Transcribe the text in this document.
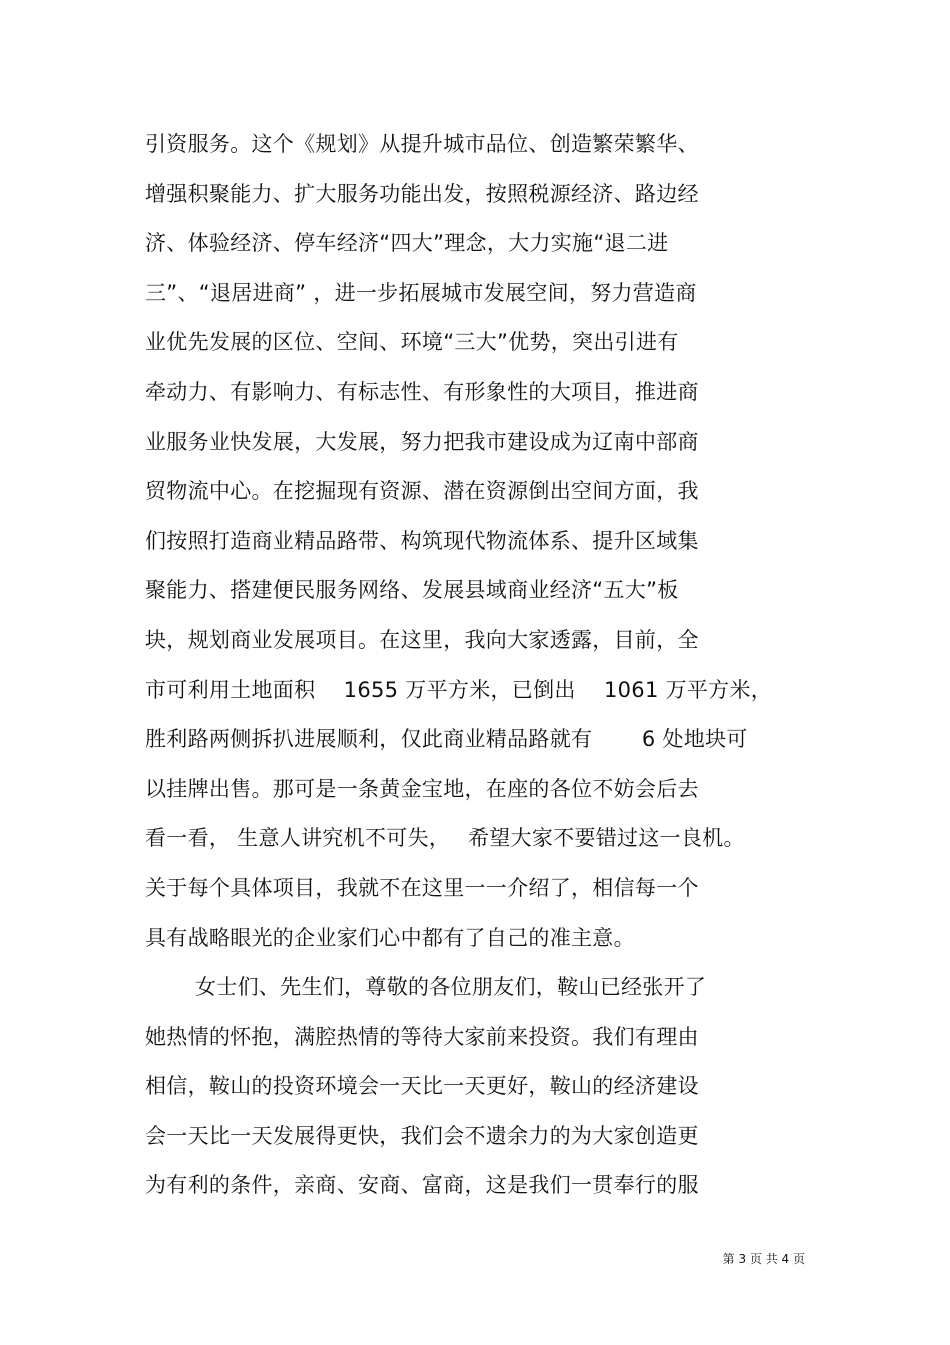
引资服务。这个《规划》从提升城市品位、创造繁荣繁华、
增强积聚能力、扩大服务功能出发，按照税源经济、路边经
济、体验经济、停车经济“四大”理念，大力实施“退二进
三”、“退居进商” ，进一步拓展城市发展空间，努力营造商
业优先发展的区位、空间、环境“三大”优势，突出引进有
牵动力、有影响力、有标志性、有形象性的大项目，推进商
业服务业快发展，大发展，努力把我市建设成为辽南中部商
贸物流中心。在挖掘现有资源、潜在资源倒出空间方面，我
们按照打造商业精品路带、构筑现代物流体系、提升区域集
聚能力、搭建便民服务网络、发展县域商业经济“五大”板
块，规划商业发展项目。在这里，我向大家透露，目前，全
市可利用土地面积　 1655 万平方米，已倒出　 1061 万平方米，
胜利路两侧拆扒进展顺利，仅此商业精品路就有　　 6 处地块可
以挂牌出售。那可是一条黄金宝地，在座的各位不妨会后去
看一看， 生意人讲究机不可失，　 希望大家不要错过这一良机。
关于每个具体项目，我就不在这里一一介绍了，相信每一个
具有战略眼光的企业家们心中都有了自己的准主意。
女士们、先生们，尊敬的各位朋友们，鞍山已经张开了
她热情的怀抱，满腔热情的等待大家前来投资。我们有理由
相信，鞍山的投资环境会一天比一天更好，鞍山的经济建设
会一天比一天发展得更快，我们会不遗余力的为大家创造更
为有利的条件，亲商、安商、富商，这是我们一贯奉行的服
第 3 页 共 4 页
